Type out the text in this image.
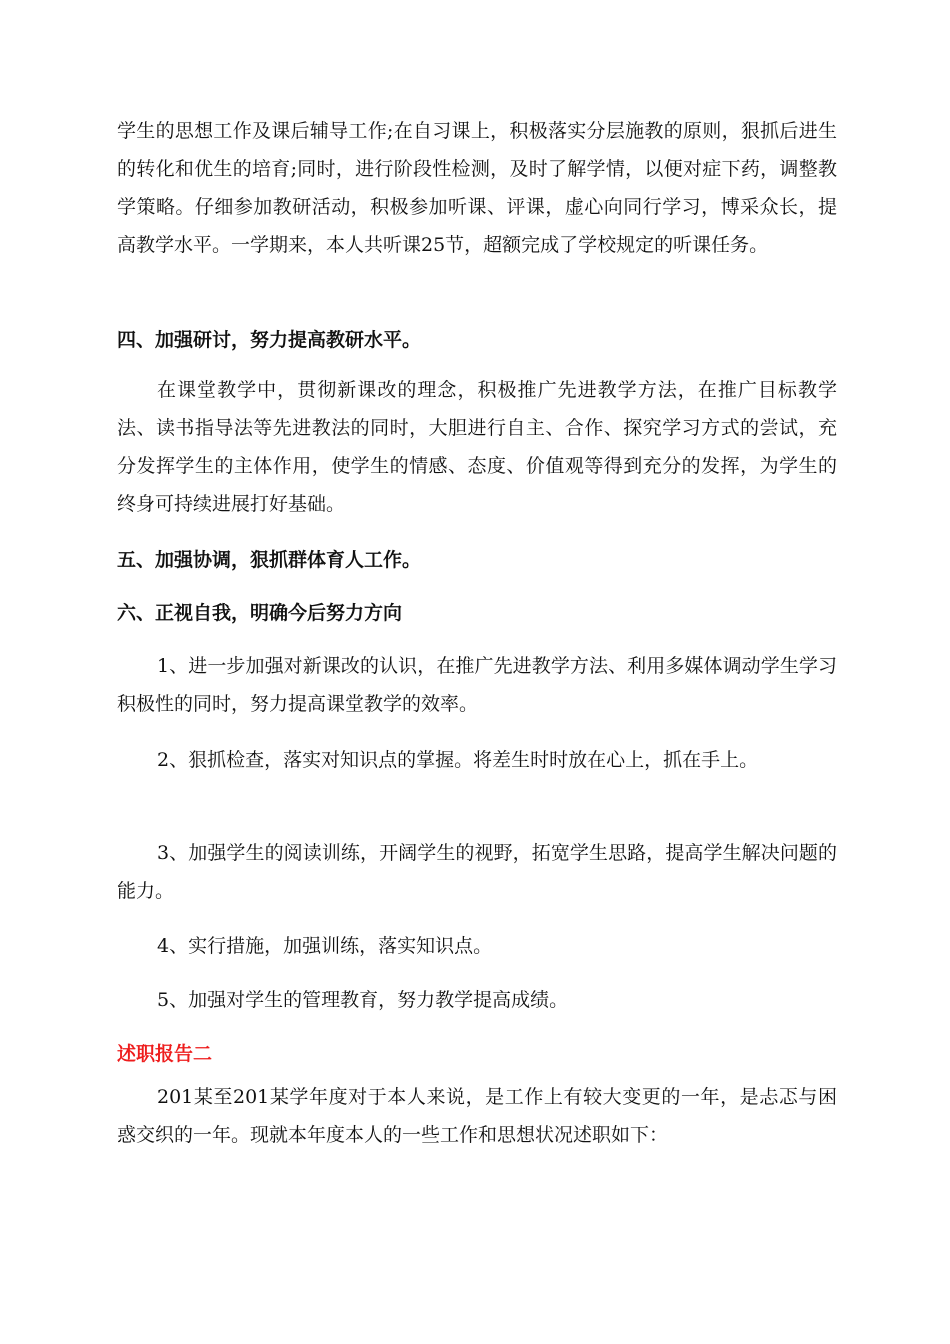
学生的思想工作及课后辅导工作;在自习课上，积极落实分层施教的原则，狠抓后进生的转化和优生的培育;同时，进行阶段性检测，及时了解学情，以便对症下药，调整教学策略。仔细参加教研活动，积极参加听课、评课，虚心向同行学习，博采众长，提高教学水平。一学期来，本人共听课25节，超额完成了学校规定的听课任务。

四、加强研讨，努力提高教研水平。

在课堂教学中，贯彻新课改的理念，积极推广先进教学方法，在推广目标教学法、读书指导法等先进教法的同时，大胆进行自主、合作、探究学习方式的尝试，充分发挥学生的主体作用，使学生的情感、态度、价值观等得到充分的发挥，为学生的终身可持续进展打好基础。

五、加强协调，狠抓群体育人工作。
六、正视自我，明确今后努力方向

1、进一步加强对新课改的认识，在推广先进教学方法、利用多媒体调动学生学习积极性的同时，努力提高课堂教学的效率。

2、狠抓检查，落实对知识点的掌握。将差生时时放在心上，抓在手上。

3、加强学生的阅读训练，开阔学生的视野，拓宽学生思路，提高学生解决问题的能力。

4、实行措施，加强训练，落实知识点。

5、加强对学生的管理教育，努力教学提高成绩。

述职报告二

201某至201某学年度对于本人来说，是工作上有较大变更的一年，是忐忑与困惑交织的一年。现就本年度本人的一些工作和思想状况述职如下：
